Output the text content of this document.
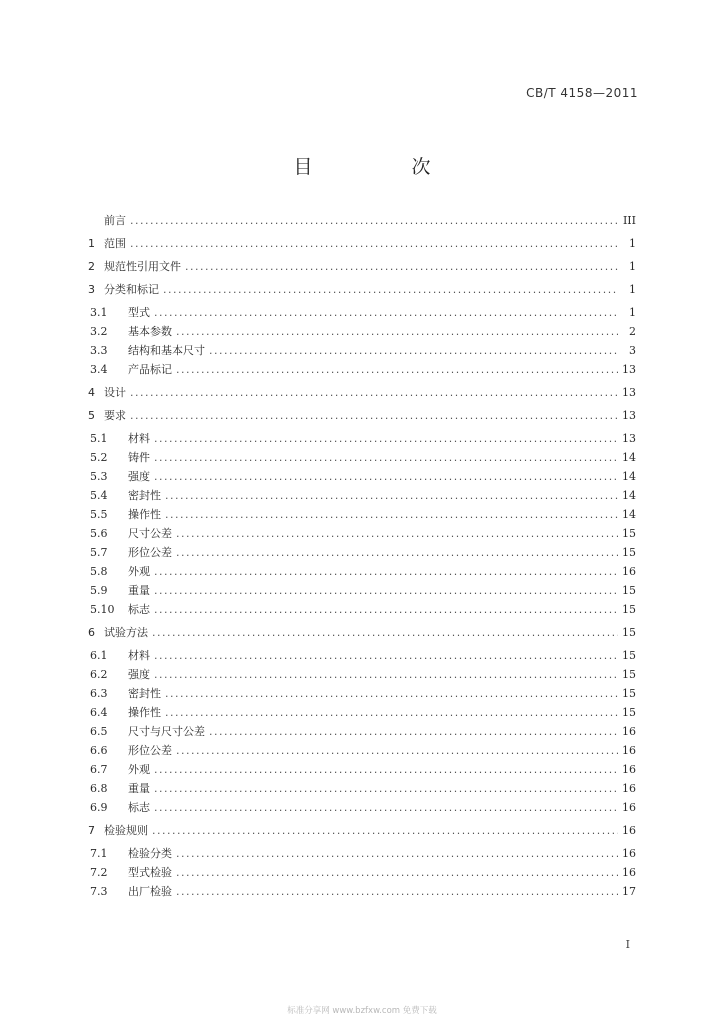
CB/T 4158—2011
目　次
前言 .....	III
1 范围 .....	1
2 规范性引用文件 .....	1
3 分类和标记 .....	1
3.1	型式 .....	1
3.2	基本参数 .....	2
3.3	结构和基本尺寸 .....	3
3.4	产品标记 .....	13
4 设计 .....	13
5 要求 .....	13
5.1	材料 .....	13
5.2	铸件 .....	14
5.3	强度 .....	14
5.4	密封性 .....	14
5.5	操作性 .....	14
5.6	尺寸公差 .....	15
5.7	形位公差 .....	15
5.8	外观 .....	16
5.9	重量 .....	15
5.10	标志 .....	15
6 试验方法 .....	15
6.1	材料 .....	15
6.2	强度 .....	15
6.3	密封性 .....	15
6.4	操作性 .....	15
6.5	尺寸与尺寸公差 .....	16
6.6	形位公差 .....	16
6.7	外观 .....	16
6.8	重量 .....	16
6.9	标志 .....	16
7 检验规则 .....	16
7.1	检验分类 .....	16
7.2	型式检验 .....	16
7.3	出厂检验 .....	17
I
标准分享网 www.bzfxw.com 免费下载
